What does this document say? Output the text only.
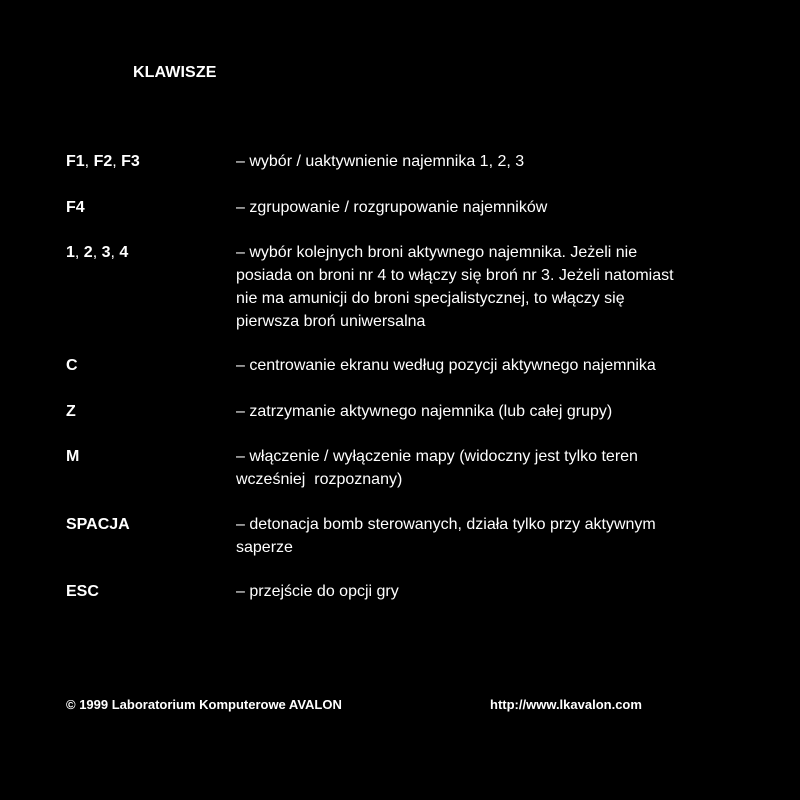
KLAWISZE
F1, F2, F3	– wybór / uaktywnienie najemnika 1, 2, 3
F4	– zgrupowanie / rozgrupowanie najemników
1, 2, 3, 4	– wybór kolejnych broni aktywnego najemnika. Jeżeli nie
posiada on broni nr 4 to włączy się broń nr 3. Jeżeli natomiast
nie ma amunicji do broni specjalistycznej, to włączy się
pierwsza broń uniwersalna
C	– centrowanie ekranu według pozycji aktywnego najemnika
Z	– zatrzymanie aktywnego najemnika (lub całej grupy)
M	– włączenie / wyłączenie mapy (widoczny jest tylko teren
wcześniej  rozpoznany)
SPACJA	– detonacja bomb sterowanych, działa tylko przy aktywnym
saperze
ESC	– przejście do opcji gry
© 1999 Laboratorium Komputerowe AVALON	http://www.lkavalon.com
